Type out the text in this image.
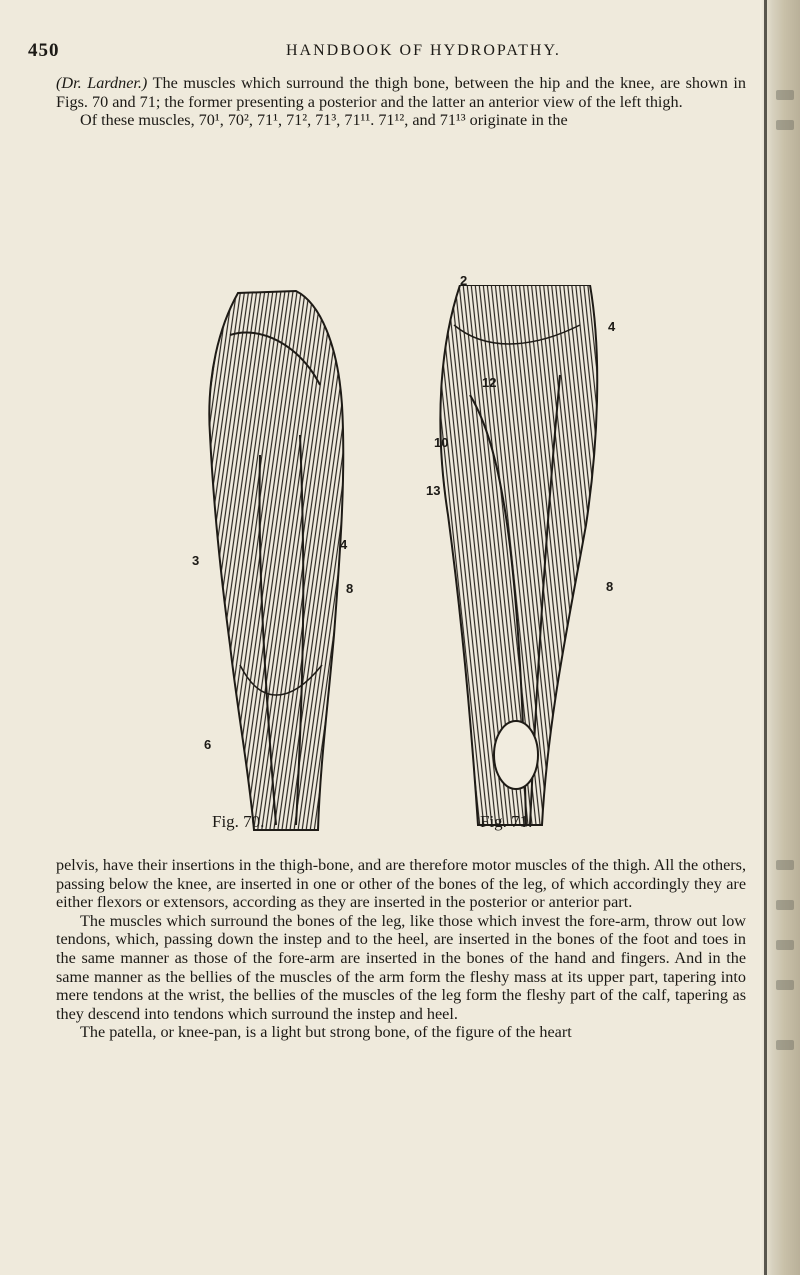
450	HANDBOOK OF HYDROPATHY.

(Dr. Lardner.) The muscles which surround the thigh bone, between the hip and the knee, are shown in Figs. 70 and 71; the former presenting a posterior and the latter an anterior view of the left thigh.

Of these muscles, 70¹, 70², 71¹, 71², 71³, 71¹¹. 71¹², and 71¹³ originate in the

3
4
8
6
2
4
12
10
13
8
Fig. 70.	Fig. 71.

pelvis, have their insertions in the thigh-bone, and are therefore motor muscles of the thigh. All the others, passing below the knee, are inserted in one or other of the bones of the leg, of which accordingly they are either flexors or extensors, according as they are inserted in the posterior or anterior part.

The muscles which surround the bones of the leg, like those which invest the fore-arm, throw out low tendons, which, passing down the instep and to the heel, are inserted in the bones of the foot and toes in the same manner as those of the fore-arm are inserted in the bones of the hand and fingers. And in the same manner as the bellies of the muscles of the arm form the fleshy mass at its upper part, tapering into mere tendons at the wrist, the bellies of the muscles of the leg form the fleshy part of the calf, tapering as they descend into tendons which surround the instep and heel.

The patella, or knee-pan, is a light but strong bone, of the figure of the heart
